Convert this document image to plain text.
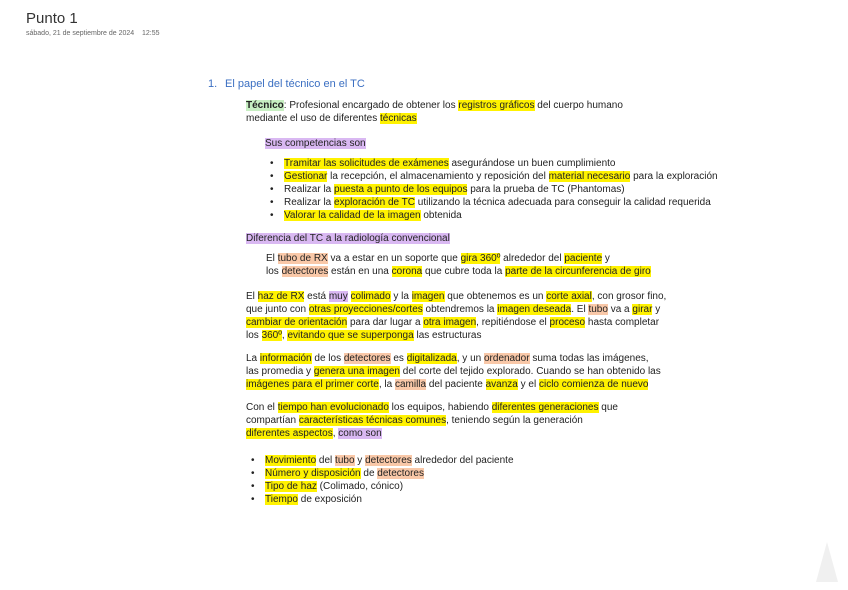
Punto 1
sábado, 21 de septiembre de 2024 12:55
1. El papel del técnico en el TC
Técnico: Profesional encargado de obtener los registros gráficos del cuerpo humano
mediante el uso de diferentes técnicas
Sus competencias son
• Tramitar las solicitudes de exámenes asegurándose un buen cumplimiento
• Gestionar la recepción, el almacenamiento y reposición del material necesario para la exploración
• Realizar la puesta a punto de los equipos para la prueba de TC (Phantomas)
• Realizar la exploración de TC utilizando la técnica adecuada para conseguir la calidad requerida
• Valorar la calidad de la imagen obtenida
Diferencia del TC a la radiología convencional
El tubo de RX va a estar en un soporte que gira 360º alrededor del paciente y
los detectores están en una corona que cubre toda la parte de la circunferencia de giro
El haz de RX está muy colimado y la imagen que obtenemos es un corte axial, con grosor fino,
que junto con otras proyecciones/cortes obtendremos la imagen deseada. El tubo va a girar y
cambiar de orientación para dar lugar a otra imagen, repitiéndose el proceso hasta completar
los 360º, evitando que se superponga las estructuras
La información de los detectores es digitalizada, y un ordenador suma todas las imágenes,
las promedia y genera una imagen del corte del tejido explorado. Cuando se han obtenido las
imágenes para el primer corte, la camilla del paciente avanza y el ciclo comienza de nuevo
Con el tiempo han evolucionado los equipos, habiendo diferentes generaciones que
compartían características técnicas comunes, teniendo según la generación
diferentes aspectos, como son
• Movimiento del tubo y detectores alrededor del paciente
• Número y disposición de detectores
• Tipo de haz (Colimado, cónico)
• Tiempo de exposición
